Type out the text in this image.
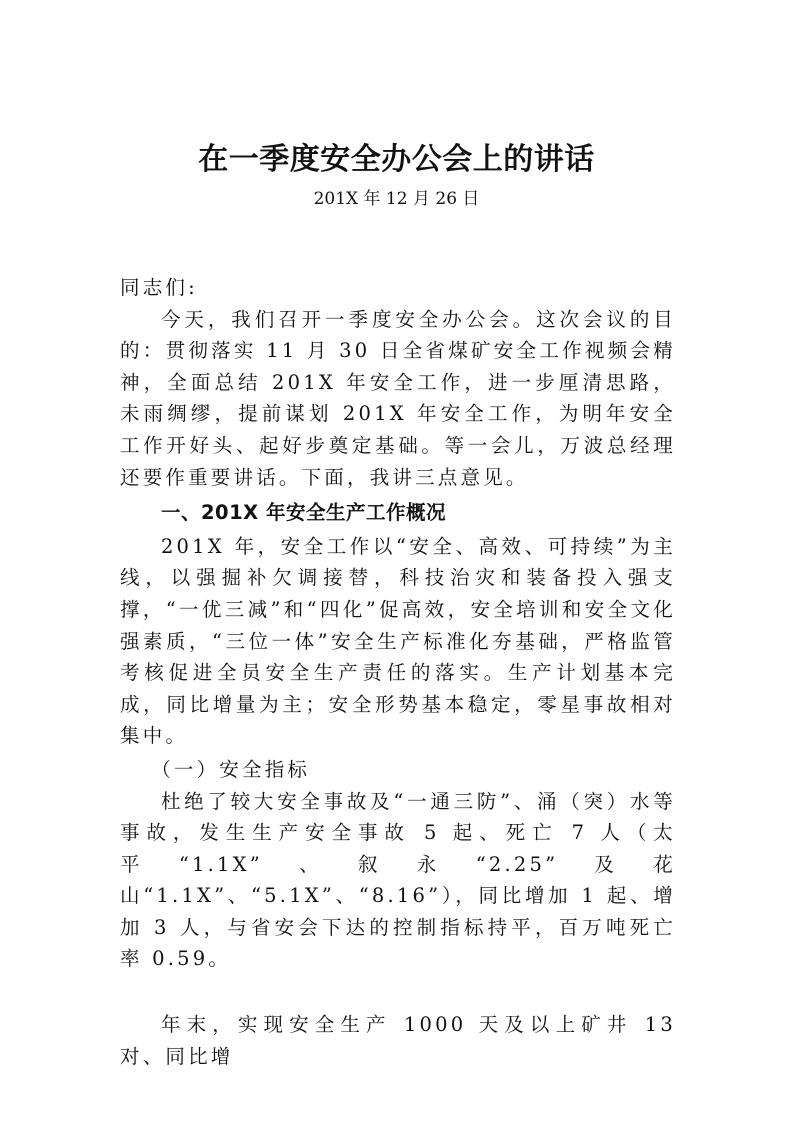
在一季度安全办公会上的讲话
201X 年 12 月 26 日

同志们:

今天，我们召开一季度安全办公会。这次会议的目的：贯彻落实 11 月 30 日全省煤矿安全工作视频会精神，全面总结 201X 年安全工作，进一步厘清思路，未雨绸缪，提前谋划 201X 年安全工作，为明年安全工作开好头、起好步奠定基础。等一会儿，万波总经理还要作重要讲话。下面，我讲三点意见。

一、201X 年安全生产工作概况

201X 年，安全工作以“安全、高效、可持续”为主线，以强掘补欠调接替，科技治灾和装备投入强支撑，“一优三减”和“四化”促高效，安全培训和安全文化强素质，“三位一体”安全生产标准化夯基础，严格监管考核促进全员安全生产责任的落实。生产计划基本完成，同比增量为主；安全形势基本稳定，零星事故相对集中。

（一）安全指标

杜绝了较大安全事故及“一通三防”、涌（突）水等事故，发生生产安全事故 5 起、死亡 7 人（太平“1.1X”、叙永“2.25”及花山“1.1X”、“5.1X”、“8.16”），同比增加 1 起、增加 3 人，与省安会下达的控制指标持平，百万吨死亡率 0.59。

年末，实现安全生产 1000 天及以上矿井 13 对、同比增
